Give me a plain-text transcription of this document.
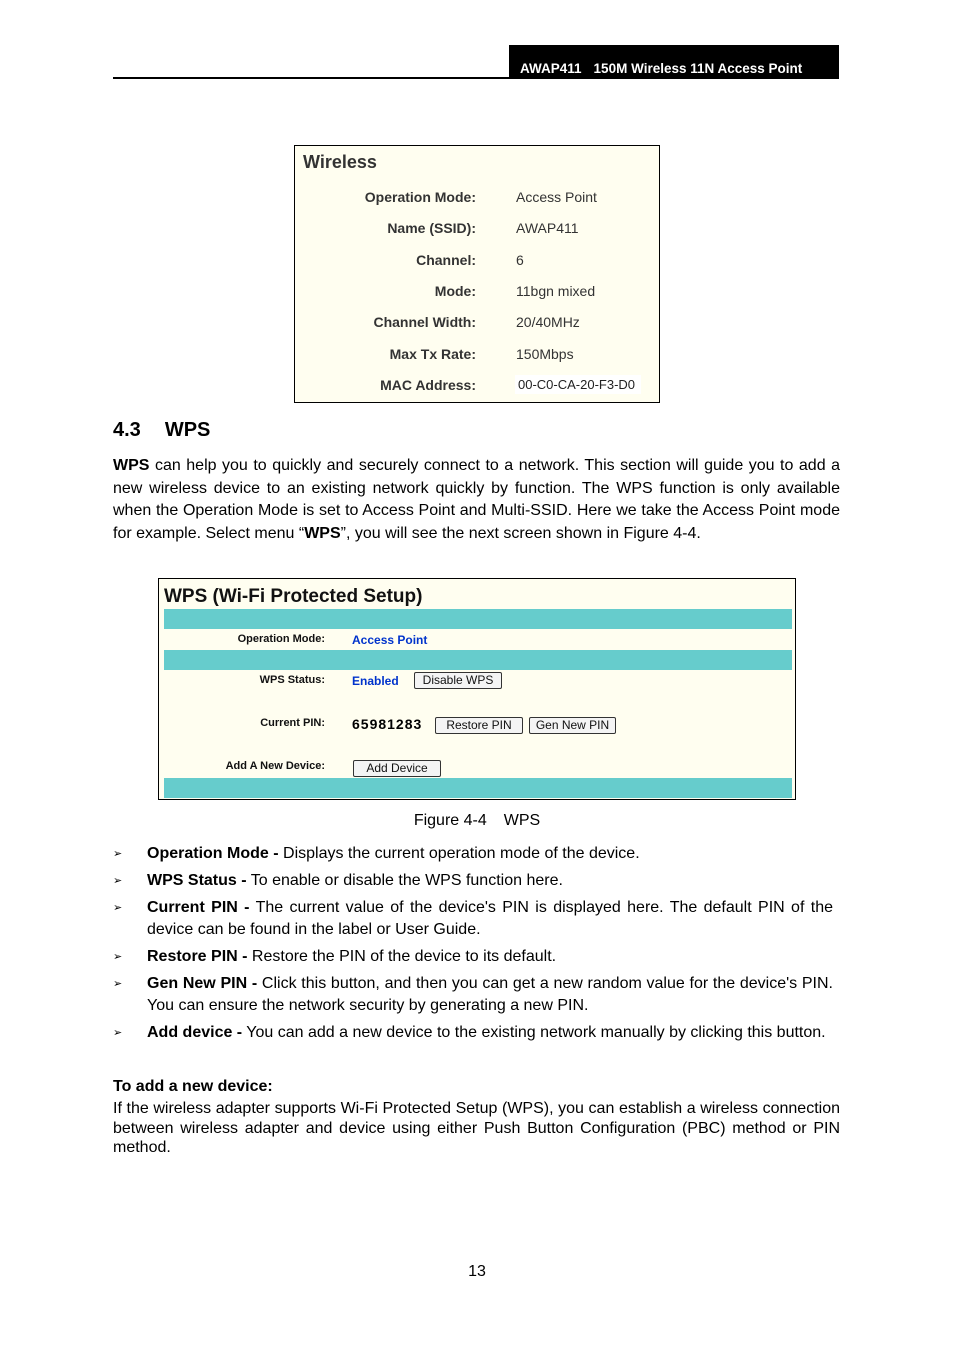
AWAP411 150M Wireless 11N Access Point
Wireless
Operation Mode:	Access Point
Name (SSID):	AWAP411
Channel:	6
Mode:	11bgn mixed
Channel Width:	20/40MHz
Max Tx Rate:	150Mbps
MAC Address:	00-C0-CA-20-F3-D0
4.3 WPS
WPS can help you to quickly and securely connect to a network. This section will guide you to add a new wireless device to an existing network quickly by function. The WPS function is only available when the Operation Mode is set to Access Point and Multi-SSID. Here we take the Access Point mode for example. Select menu “WPS”, you will see the next screen shown in Figure 4-4.
WPS (Wi-Fi Protected Setup)
Operation Mode: Access Point
WPS Status: Enabled	Disable WPS
Current PIN: 65981283	Restore PIN	Gen New PIN
Add A New Device:	Add Device
Figure 4-4 WPS
➢ Operation Mode - Displays the current operation mode of the device.
➢ WPS Status - To enable or disable the WPS function here.
➢ Current PIN - The current value of the device's PIN is displayed here. The default PIN of the device can be found in the label or User Guide.
➢ Restore PIN - Restore the PIN of the device to its default.
➢ Gen New PIN - Click this button, and then you can get a new random value for the device's PIN. You can ensure the network security by generating a new PIN.
➢ Add device - You can add a new device to the existing network manually by clicking this button.
To add a new device:
If the wireless adapter supports Wi-Fi Protected Setup (WPS), you can establish a wireless connection between wireless adapter and device using either Push Button Configuration (PBC) method or PIN method.
13
